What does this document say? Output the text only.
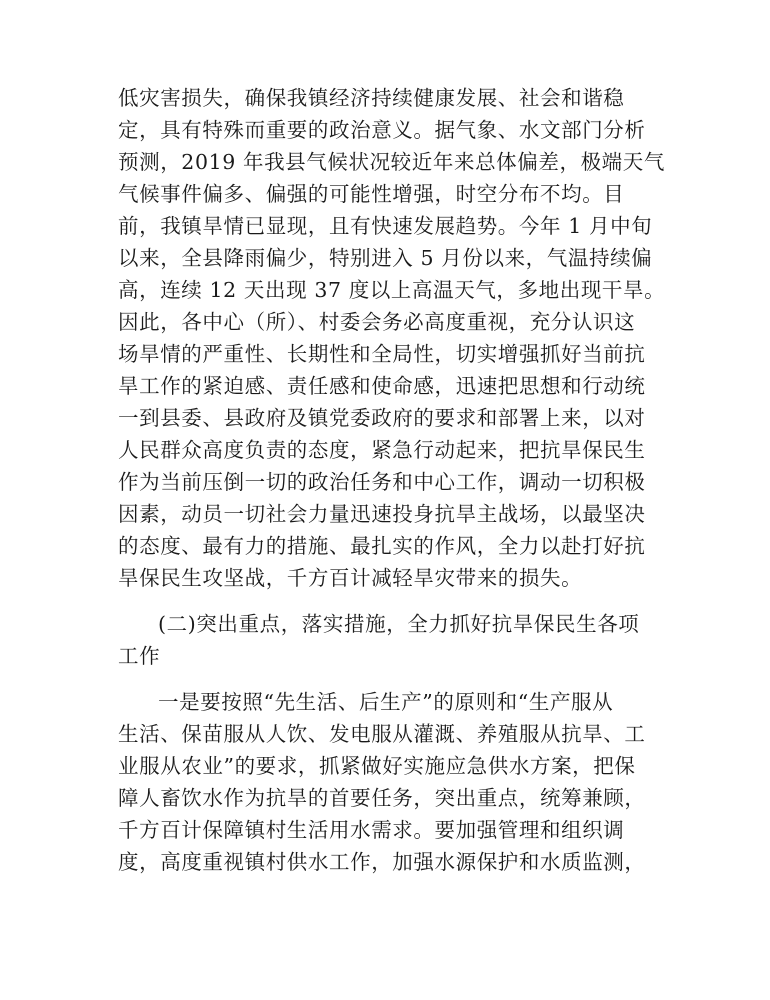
低灾害损失，确保我镇经济持续健康发展、社会和谐稳
定，具有特殊而重要的政治意义。据气象、水文部门分析
预测，2019 年我县气候状况较近年来总体偏差，极端天气
气候事件偏多、偏强的可能性增强，时空分布不均。目
前，我镇旱情已显现，且有快速发展趋势。今年 1 月中旬
以来，全县降雨偏少，特别进入 5 月份以来，气温持续偏
高，连续 12 天出现 37 度以上高温天气，多地出现干旱。
因此，各中心（所）、村委会务必高度重视，充分认识这
场旱情的严重性、长期性和全局性，切实增强抓好当前抗
旱工作的紧迫感、责任感和使命感，迅速把思想和行动统
一到县委、县政府及镇党委政府的要求和部署上来，以对
人民群众高度负责的态度，紧急行动起来，把抗旱保民生
作为当前压倒一切的政治任务和中心工作，调动一切积极
因素，动员一切社会力量迅速投身抗旱主战场，以最坚决
的态度、最有力的措施、最扎实的作风，全力以赴打好抗
旱保民生攻坚战，千方百计减轻旱灾带来的损失。
(二)突出重点，落实措施，全力抓好抗旱保民生各项
工作
一是要按照“先生活、后生产”的原则和“生产服从
生活、保苗服从人饮、发电服从灌溉、养殖服从抗旱、工
业服从农业”的要求，抓紧做好实施应急供水方案，把保
障人畜饮水作为抗旱的首要任务，突出重点，统筹兼顾，
千方百计保障镇村生活用水需求。要加强管理和组织调
度，高度重视镇村供水工作，加强水源保护和水质监测，
